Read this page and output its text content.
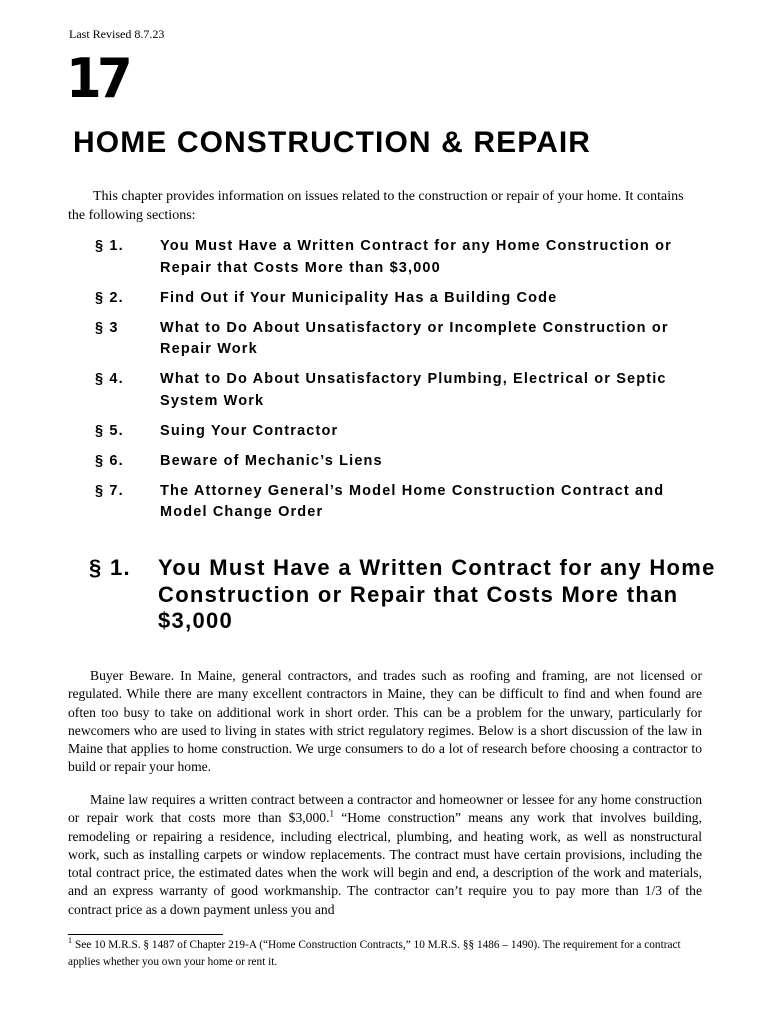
Last Revised 8.7.23
17
HOME CONSTRUCTION & REPAIR

This chapter provides information on issues related to the construction or repair of your home. It contains the following sections:

§ 1.	You Must Have a Written Contract for any Home Construction or Repair that Costs More than $3,000
§ 2.	Find Out if Your Municipality Has a Building Code
§ 3	What to Do About Unsatisfactory or Incomplete Construction or Repair Work
§ 4.	What to Do About Unsatisfactory Plumbing, Electrical or Septic System Work
§ 5.	Suing Your Contractor
§ 6.	Beware of Mechanic’s Liens
§ 7.	The Attorney General’s Model Home Construction Contract and Model Change Order
§ 1.	You Must Have a Written Contract for any Home Construction or Repair that Costs More than $3,000

Buyer Beware. In Maine, general contractors, and trades such as roofing and framing, are not licensed or regulated. While there are many excellent contractors in Maine, they can be difficult to find and when found are often too busy to take on additional work in short order. This can be a problem for the unwary, particularly for newcomers who are used to living in states with strict regulatory regimes. Below is a short discussion of the law in Maine that applies to home construction. We urge consumers to do a lot of research before choosing a contractor to build or repair your home.

Maine law requires a written contract between a contractor and homeowner or lessee for any home construction or repair work that costs more than $3,000.$^1$ “Home construction” means any work that involves building, remodeling or repairing a residence, including electrical, plumbing, and heating work, as well as nonstructural work, such as installing carpets or window replacements. The contract must have certain provisions, including the total contract price, the estimated dates when the work will begin and end, a description of the work and materials, and an express warranty of good workmanship. The contractor can’t require you to pay more than 1/3 of the contract price as a down payment unless you and

$^1$ See 10 M.R.S. § 1487 of Chapter 219-A (“Home Construction Contracts,” 10 M.R.S. §§ 1486 – 1490). The requirement for a contract applies whether you own your home or rent it.
